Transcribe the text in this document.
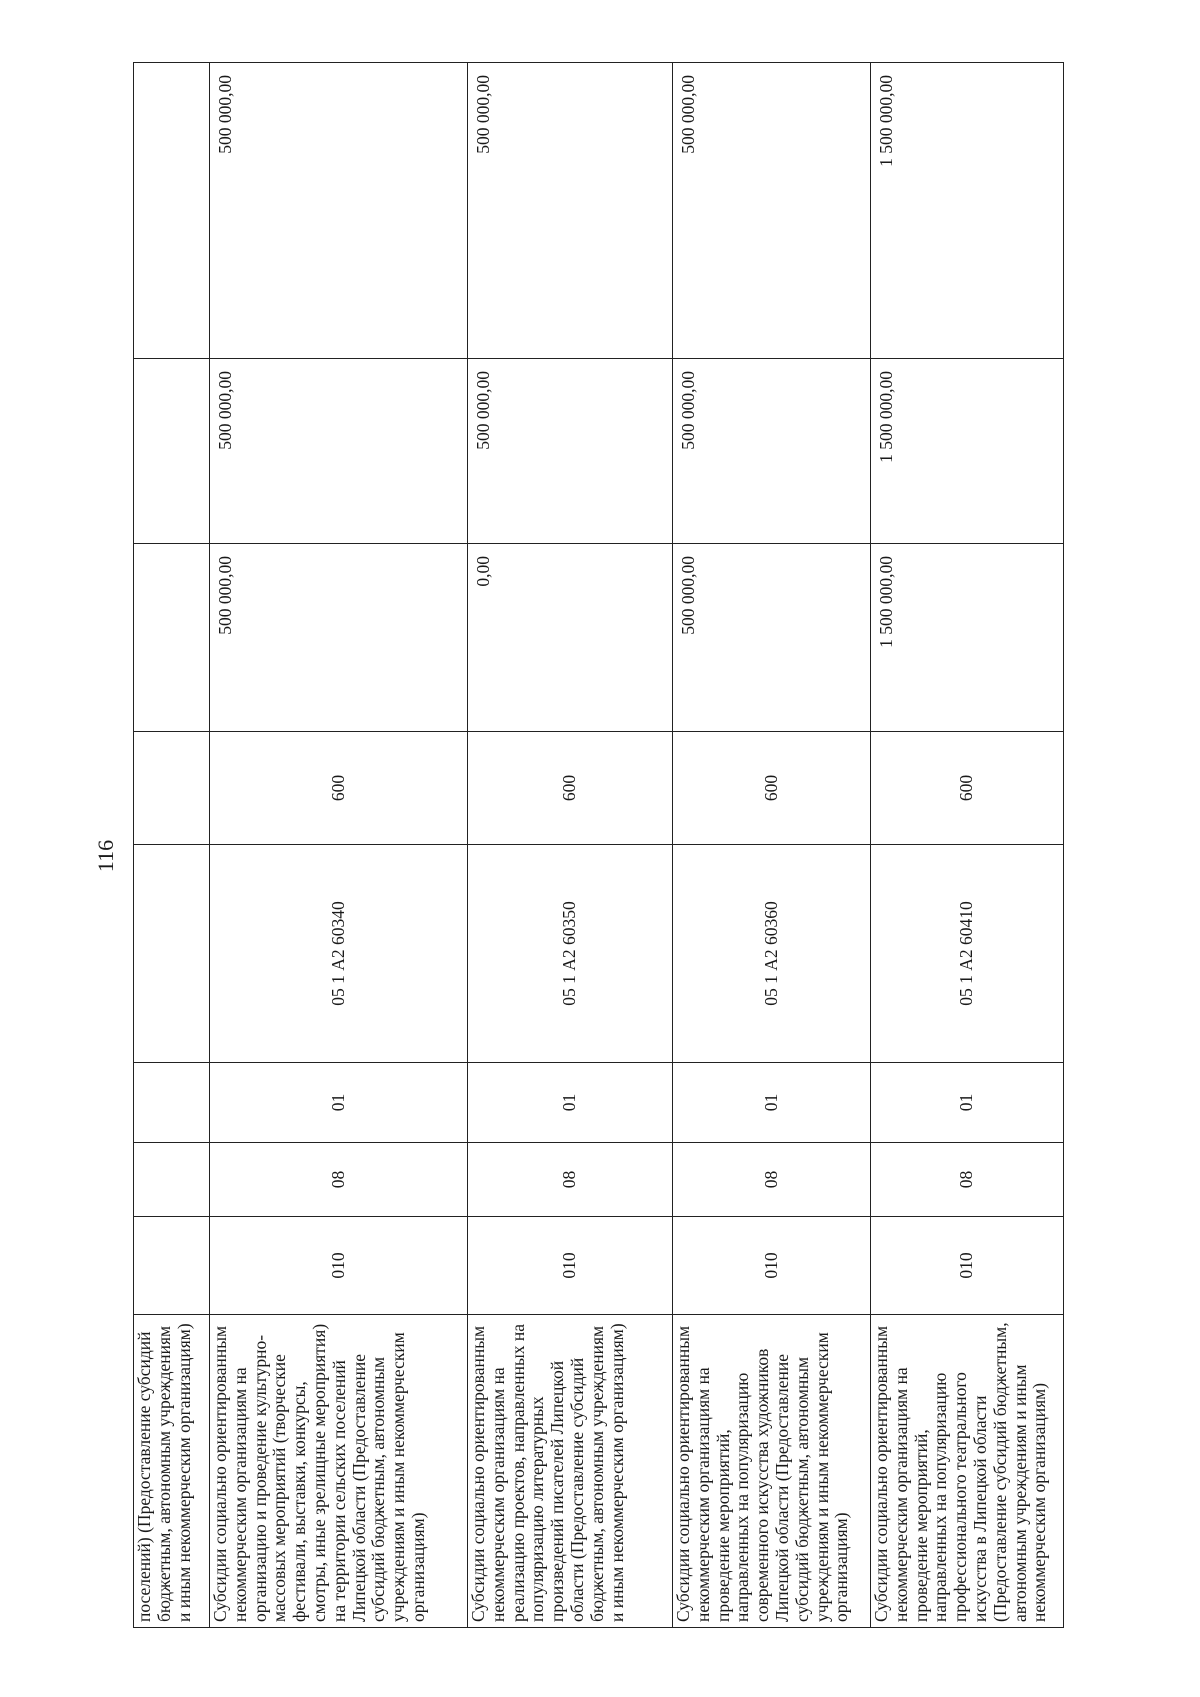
116
поселений) (Предоставление субсидий бюджетным, автономным учреждениям и иным некоммерческим организациям)								
Субсидии социально ориентированным некоммерческим организациям на организацию и проведение культурно-массовых мероприятий (творческие фестивали, выставки, конкурсы, смотры, иные зрелищные мероприятия) на территории сельских поселений Липецкой области (Предоставление субсидий бюджетным, автономным учреждениям и иным некоммерческим организациям)	010	08	01	05 1 А2 60340	600	500 000,00	500 000,00	500 000,00
Субсидии социально ориентированным некоммерческим организациям на реализацию проектов, направленных на популяризацию литературных произведений писателей Липецкой области (Предоставление субсидий бюджетным, автономным учреждениям и иным некоммерческим организациям)	010	08	01	05 1 А2 60350	600	0,00	500 000,00	500 000,00
Субсидии социально ориентированным некоммерческим организациям на проведение мероприятий, направленных на популяризацию современного искусства художников Липецкой области (Предоставление субсидий бюджетным, автономным учреждениям и иным некоммерческим организациям)	010	08	01	05 1 А2 60360	600	500 000,00	500 000,00	500 000,00
Субсидии социально ориентированным некоммерческим организациям на проведение мероприятий, направленных на популяризацию профессионального театрального искусства в Липецкой области (Предоставление субсидий бюджетным, автономным учреждениям и иным некоммерческим организациям)	010	08	01	05 1 А2 60410	600	1 500 000,00	1 500 000,00	1 500 000,00
